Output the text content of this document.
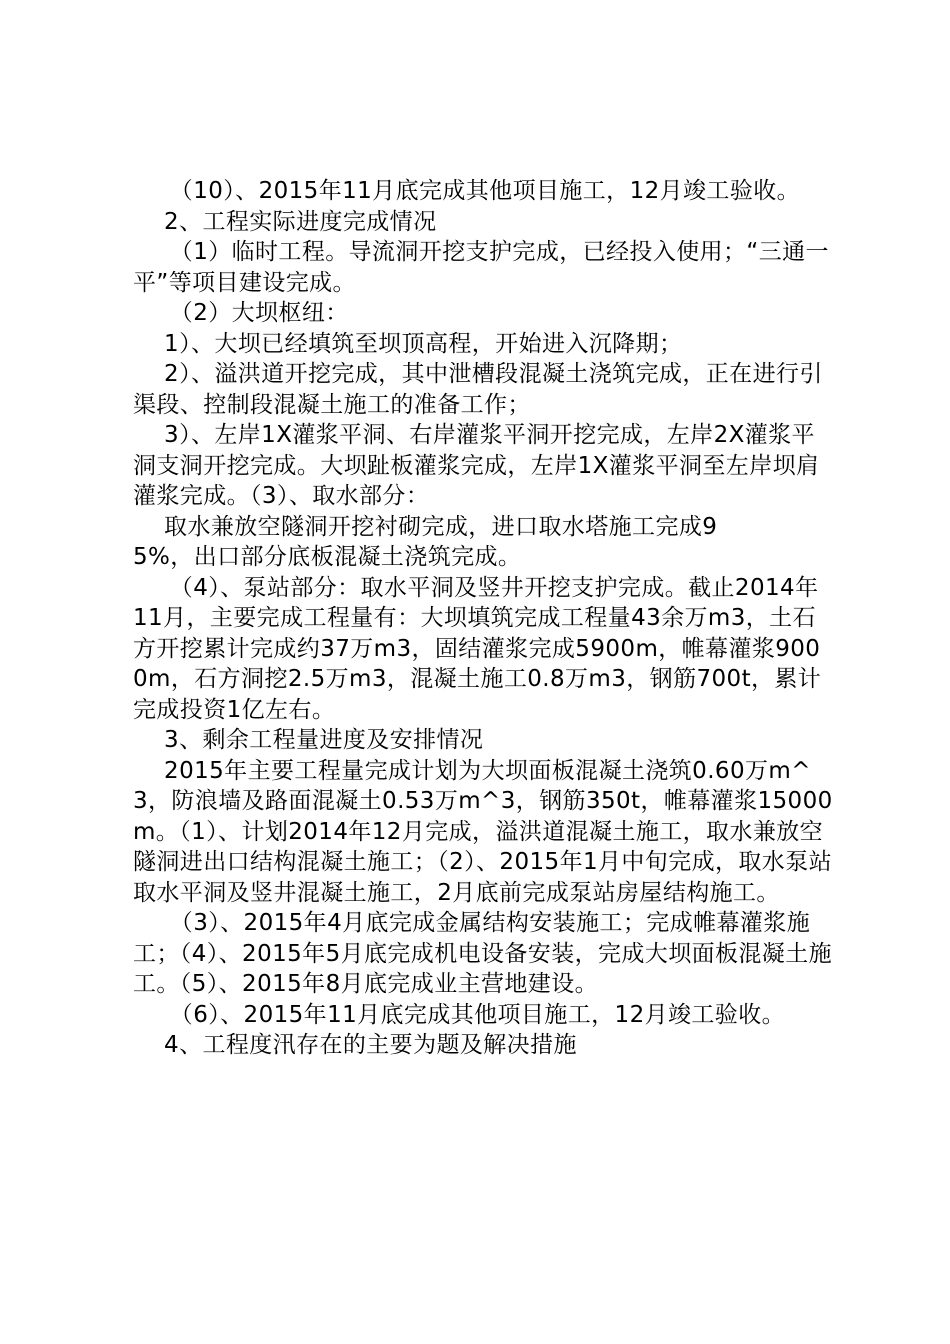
（10）、2015年11月底完成其他项目施工，12月竣工验收。

2、工程实际进度完成情况

（1）临时工程。导流洞开挖支护完成，已经投入使用；“三通一平”等项目建设完成。

（2）大坝枢纽：

1）、大坝已经填筑至坝顶高程，开始进入沉降期；

2）、溢洪道开挖完成，其中泄槽段混凝土浇筑完成，正在进行引渠段、控制段混凝土施工的准备工作；

3）、左岸1X灌浆平洞、右岸灌浆平洞开挖完成，左岸2X灌浆平洞支洞开挖完成。大坝趾板灌浆完成，左岸1X灌浆平洞至左岸坝肩灌浆完成。（3）、取水部分：

取水兼放空隧洞开挖衬砌完成，进口取水塔施工完成95%，出口部分底板混凝土浇筑完成。

（4）、泵站部分：取水平洞及竖井开挖支护完成。截止2014年11月，主要完成工程量有：大坝填筑完成工程量43余万m3，土石方开挖累计完成约37万m3，固结灌浆完成5900m，帷幕灌浆9000m，石方洞挖2.5万m3，混凝土施工0.8万m3，钢筋700t，累计完成投资1亿左右。

3、剩余工程量进度及安排情况

2015年主要工程量完成计划为大坝面板混凝土浇筑0.60万m^3，防浪墙及路面混凝土0.53万m^3，钢筋350t，帷幕灌浆15000m。（1）、计划2014年12月完成，溢洪道混凝土施工，取水兼放空隧洞进出口结构混凝土施工；（2）、2015年1月中旬完成，取水泵站取水平洞及竖井混凝土施工，2月底前完成泵站房屋结构施工。

（3）、2015年4月底完成金属结构安装施工；完成帷幕灌浆施工；（4）、2015年5月底完成机电设备安装，完成大坝面板混凝土施工。（5）、2015年8月底完成业主营地建设。

（6）、2015年11月底完成其他项目施工，12月竣工验收。

4、工程度汛存在的主要为题及解决措施
